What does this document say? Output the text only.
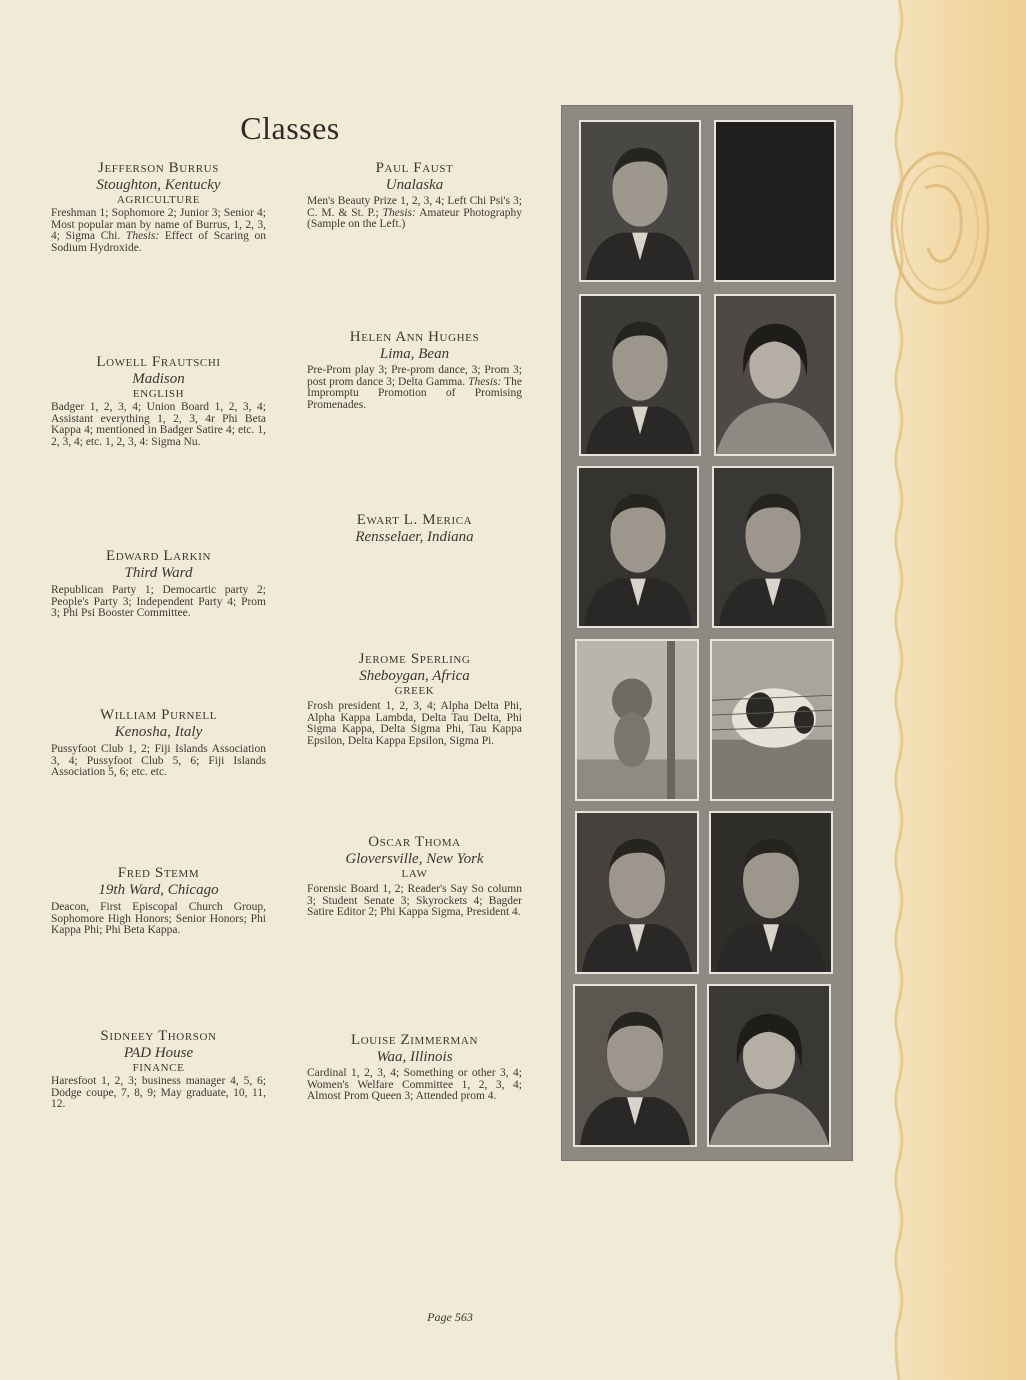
Classes
Jefferson Burrus
Stoughton, Kentucky
AGRICULTURE
Freshman 1; Sophomore 2; Junior 3; Senior 4; Most popular man by name of Burrus, 1, 2, 3, 4; Sigma Chi. Thesis: Effect of Scaring on Sodium Hydroxide.
Lowell Frautschi
Madison
ENGLISH
Badger 1, 2, 3, 4; Union Board 1, 2, 3, 4; Assistant everything 1, 2, 3, 4r Phi Beta Kappa 4; mentioned in Badger Satire 4; etc. 1, 2, 3, 4; etc. 1, 2, 3, 4: Sigma Nu.
Edward Larkin
Third Ward
Republican Party 1; Democartic party 2; People's Party 3; Independent Party 4; Prom 3; Phi Psi Booster Committee.
William Purnell
Kenosha, Italy
Pussyfoot Club 1, 2; Fiji Islands Association 3, 4; Pussyfoot Club 5, 6; Fiji Islands Association 5, 6; etc. etc.
Fred Stemm
19th Ward, Chicago
Deacon, First Episcopal Church Group, Sophomore High Honors; Senior Honors; Phi Kappa Phi; Phi Beta Kappa.
Sidneey Thorson
PAD House
FINANCE
Haresfoot 1, 2, 3; business manager 4, 5, 6; Dodge coupe, 7, 8, 9; May graduate, 10, 11, 12.
Paul Faust
Unalaska
Men's Beauty Prize 1, 2, 3, 4; Left Chi Psi's 3; C. M. & St. P.; Thesis: Amateur Photography (Sample on the Left.)
Helen Ann Hughes
Lima, Bean
Pre-Prom play 3; Pre-prom dance, 3; Prom 3; post prom dance 3; Delta Gamma. Thesis: The Impromptu Promotion of Promising Promenades.
Ewart L. Merica
Rensselaer, Indiana
Jerome Sperling
Sheboygan, Africa
GREEK
Frosh president 1, 2, 3, 4; Alpha Delta Phi, Alpha Kappa Lambda, Delta Tau Delta, Phi Sigma Kappa, Delta Sigma Phi, Tau Kappa Epsilon, Delta Kappa Epsilon, Sigma Pi.
Oscar Thoma
Gloversville, New York
LAW
Forensic Board 1, 2; Reader's Say So column 3; Student Senate 3; Skyrockets 4; Bagder Satire Editor 2; Phi Kappa Sigma, President 4.
Louise Zimmerman
Waa, Illinois
Cardinal 1, 2, 3, 4; Something or other 3, 4; Women's Welfare Committee 1, 2, 3, 4; Almost Prom Queen 3; Attended prom 4.
Page 563
